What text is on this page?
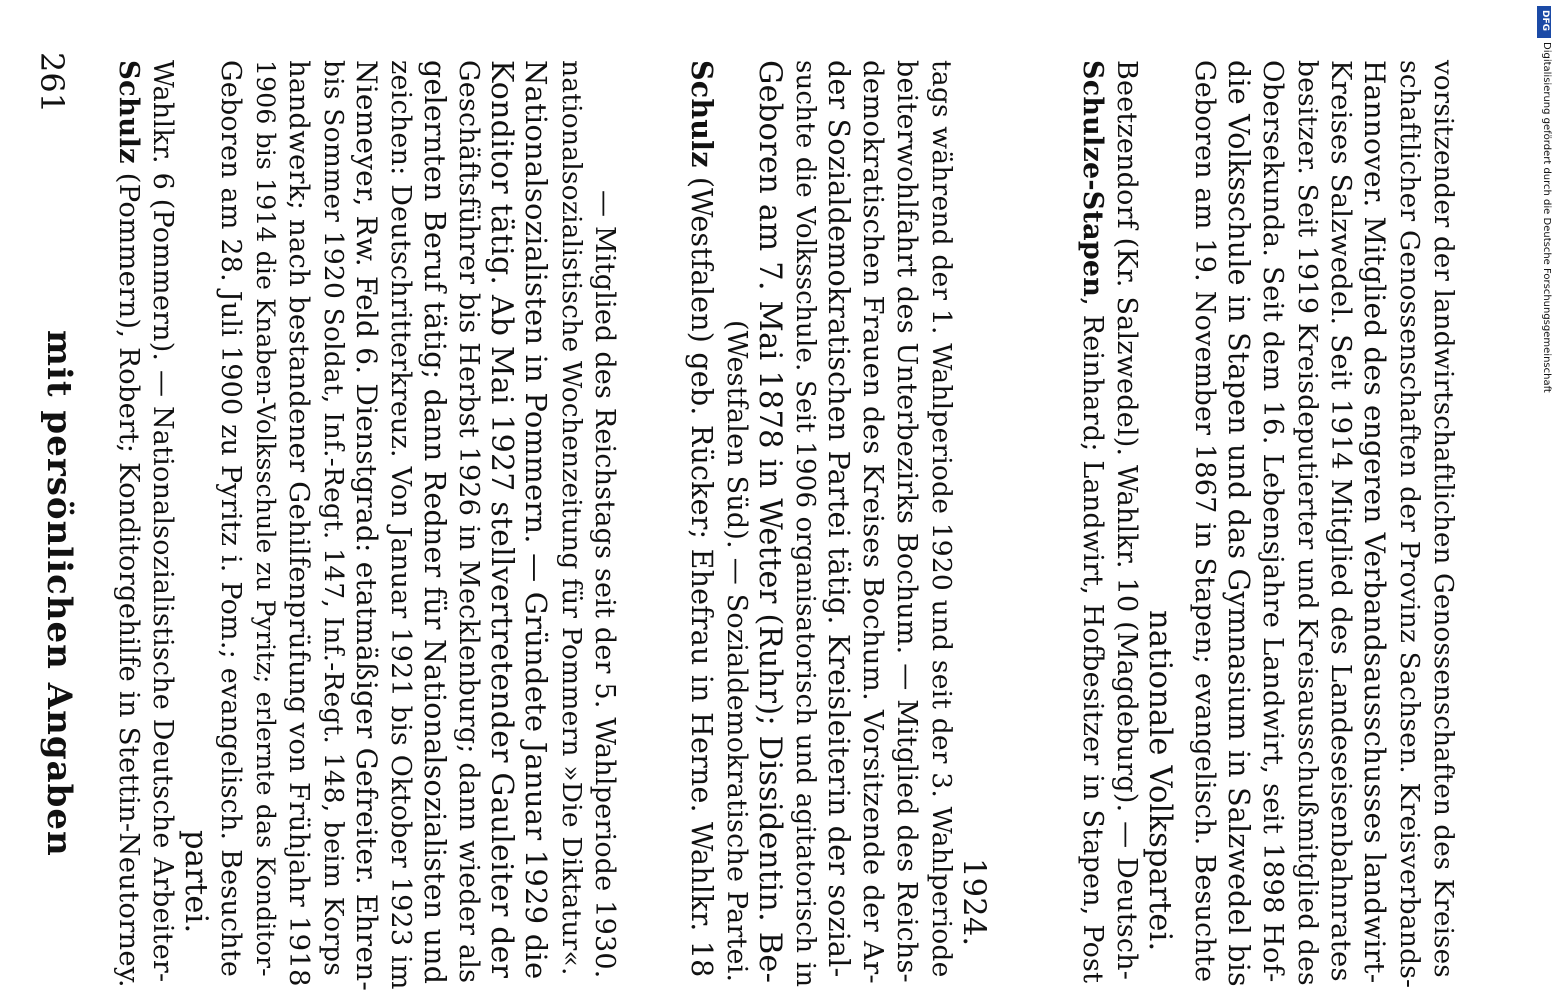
mit persönlichen Angaben
261 Schulz (Pommern), Robert; Konditorgehilfe in Stettin-Neutorney. Wahlkr. 6 (Pommern). — Nationalsozialistische Deutsche Arbeiter- partei. Geboren am 28. Juli 1900 zu Pyritz i. Pom.; evangelisch. Besuchte 1906 bis 1914 die Knaben-Volksschule zu Pyritz; erlernte das Konditor- handwerk; nach bestandener Gehilfenprüfung von Frühjahr 1918 bis Sommer 1920 Soldat, Inf.-Regt. 147, Inf.-Regt. 148, beim Korps Niemeyer, Rw. Feld 6. Dienstgrad: etatmäßiger Gefreiter. Ehren- zeichen: Deutschritterkreuz. Von Januar 1921 bis Oktober 1923 im gelernten Beruf tätig; dann Redner für Nationalsozialisten und Geschäftsführer bis Herbst 1926 in Mecklenburg; dann wieder als Konditor tätig. Ab Mai 1927 stellvertretender Gauleiter der Nationalsozialisten in Pommern. — Gründete Januar 1929 die nationalsozialistische Wochenzeitung für Pommern »Die Diktatur«. — Mitglied des Reichstags seit der 5. Wahlperiode 1930.
Schulz (Westfalen) geb. Rücker; Ehefrau in Herne. Wahlkr. 18 (Westfalen Süd). — Sozialdemokratische Partei. Geboren am 7. Mai 1878 in Wetter (Ruhr); Dissidentin. Be- suchte die Volksschule. Seit 1906 organisatorisch und agitatorisch in der Sozialdemokratischen Partei tätig. Kreisleiterin der sozial- demokratischen Frauen des Kreises Bochum. Vorsitzende der Ar- beiterwohlfahrt des Unterbezirks Bochum. — Mitglied des Reichs- tags während der 1. Wahlperiode 1920 und seit der 3. Wahlperiode 1924.
Schulze-Stapen, Reinhard; Landwirt, Hofbesitzer in Stapen, Post Beetzendorf (Kr. Salzwedel). Wahlkr. 10 (Magdeburg). — Deutsch- nationale Volkspartei. Geboren am 19. November 1867 in Stapen; evangelisch. Besuchte die Volksschule in Stapen und das Gymnasium in Salzwedel bis Obersekunda. Seit dem 16. Lebensjahre Landwirt, seit 1898 Hof- besitzer. Seit 1919 Kreisdeputierter und Kreisausschußmitglied des Kreises Salzwedel. Seit 1914 Mitglied des Landeseisenbahnrates Hannover. Mitglied des engeren Verbandsausschusses landwirt- schaftlicher Genossenschaften der Provinz Sachsen. Kreisverbands- vorsitzender der landwirtschaftlichen Genossenschaften des Kreises
DFG
Digitalisierung gefördert durch die Deutsche Forschungsgemeinschaft
